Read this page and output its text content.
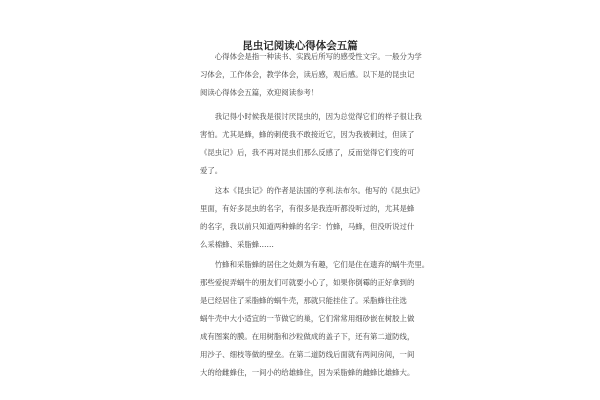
昆虫记阅读心得体会五篇
　　心得体会是指一种读书、实践后所写的感受性文字。一般分为学
习体会，工作体会，教学体会，读后感，观后感。以下是的昆虫记
阅读心得体会五篇，欢迎阅读参考！
　　我记得小时候我是很讨厌昆虫的，因为总觉得它们的样子很让我
害怕。尤其是蜂，蜂的刺使我不敢接近它，因为我被刺过，但读了
《昆虫记》后，我不再对昆虫们那么反感了，反而觉得它们变的可
爱了。
　　这本《昆虫记》的作者是法国的亨利.法布尔。他写的《昆虫记》
里面，有好多昆虫的名字，有很多是我连听都没听过的，尤其是蜂
的名字，我以前只知道两种蜂的名字：竹蜂，马蜂，但没听说过什
么采棉蜂、采脂蜂……
　　竹蜂和采脂蜂的居住之处颇为有趣，它们是住在遗弃的蜗牛壳里。
那些爱捉弄蜗牛的朋友们可就要小心了，如果你倒霉的正好拿到的
是已经居住了采脂蜂的蜗牛壳，那就只能挂住了。采脂蜂往往选
蜗牛壳中大小适宜的一节做它的巢，它们常常用细砂嵌在树胶上做
成有图案的膜。在用树脂和沙粒做成的盖子下，还有第二道防线，
用沙子、细枝等做的壁垒。在第二道防线后面就有两间房间，一间
大的给雌蜂住，一间小的给雄蜂住，因为采脂蜂的雌蜂比雄蜂大。
